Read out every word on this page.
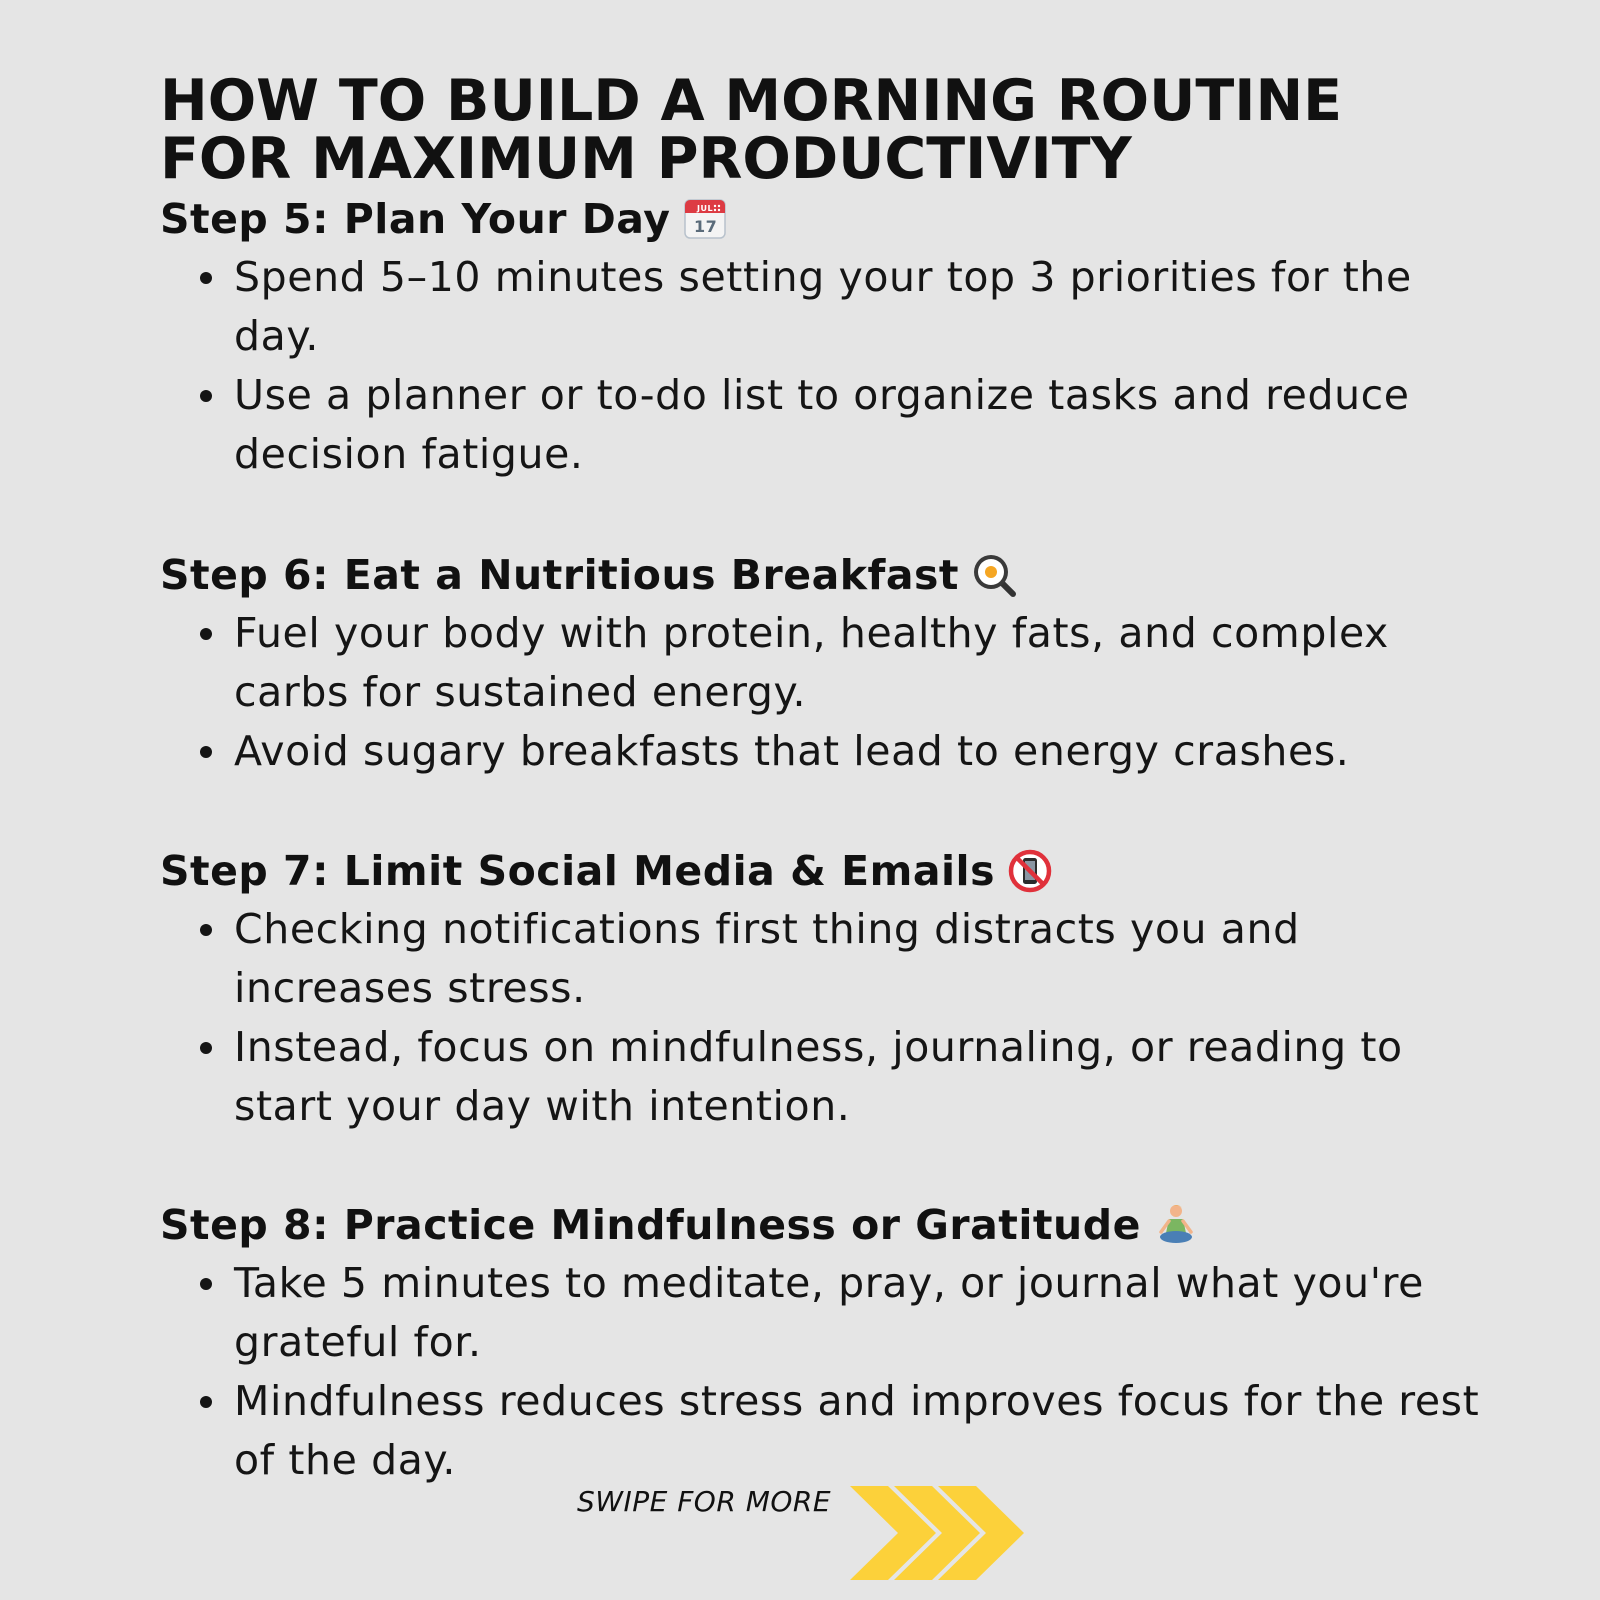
HOW TO BUILD A MORNING ROUTINE FOR MAXIMUM PRODUCTIVITY
Step 5: Plan Your Day	JUL
17
Spend 5–10 minutes setting your top 3 priorities for the day.
Use a planner or to-do list to organize tasks and reduce decision fatigue.
Step 6: Eat a Nutritious Breakfast
Fuel your body with protein, healthy fats, and complex carbs for sustained energy.
Avoid sugary breakfasts that lead to energy crashes.
Step 7: Limit Social Media & Emails
Checking notifications first thing distracts you and increases stress.
Instead, focus on mindfulness, journaling, or reading to start your day with intention.
Step 8: Practice Mindfulness or Gratitude
Take 5 minutes to meditate, pray, or journal what you're grateful for.
Mindfulness reduces stress and improves focus for the rest of the day.
SWIPE FOR MORE
